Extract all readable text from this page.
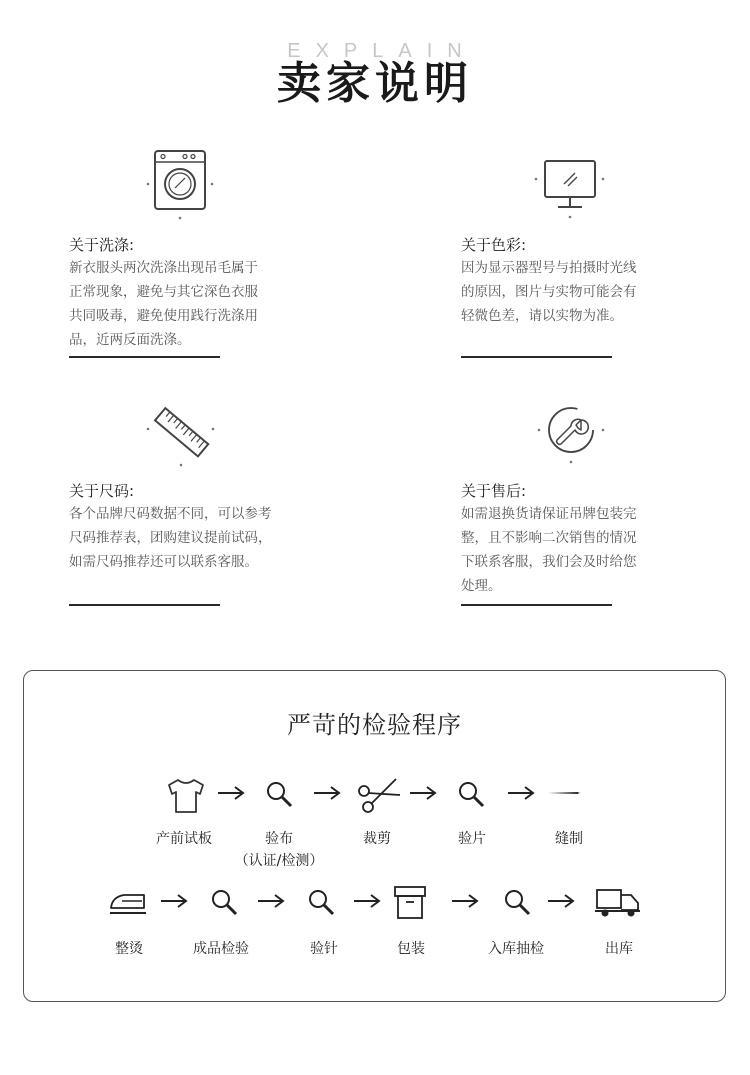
EXPLAIN
卖家说明
关于洗涤:
新衣服头两次洗涤出现吊毛属于
正常现象，避免与其它深色衣服
共同吸毒，避免使用践行洗涤用
品，近两反面洗涤。
关于色彩:
因为显示器型号与拍摄时光线
的原因，图片与实物可能会有
轻微色差，请以实物为准。
关于尺码:
各个品牌尺码数据不同，可以参考
尺码推荐表，团购建议提前试码，
如需尺码推荐还可以联系客服。
关于售后:
如需退换货请保证吊牌包装完
整，且不影响二次销售的情况
下联系客服，我们会及时给您
处理。
严苛的检验程序
产前试板	验布
（认证/检测）
裁剪	验片	缝制
整烫	成品检验	验针	包装	入库抽检	出库
